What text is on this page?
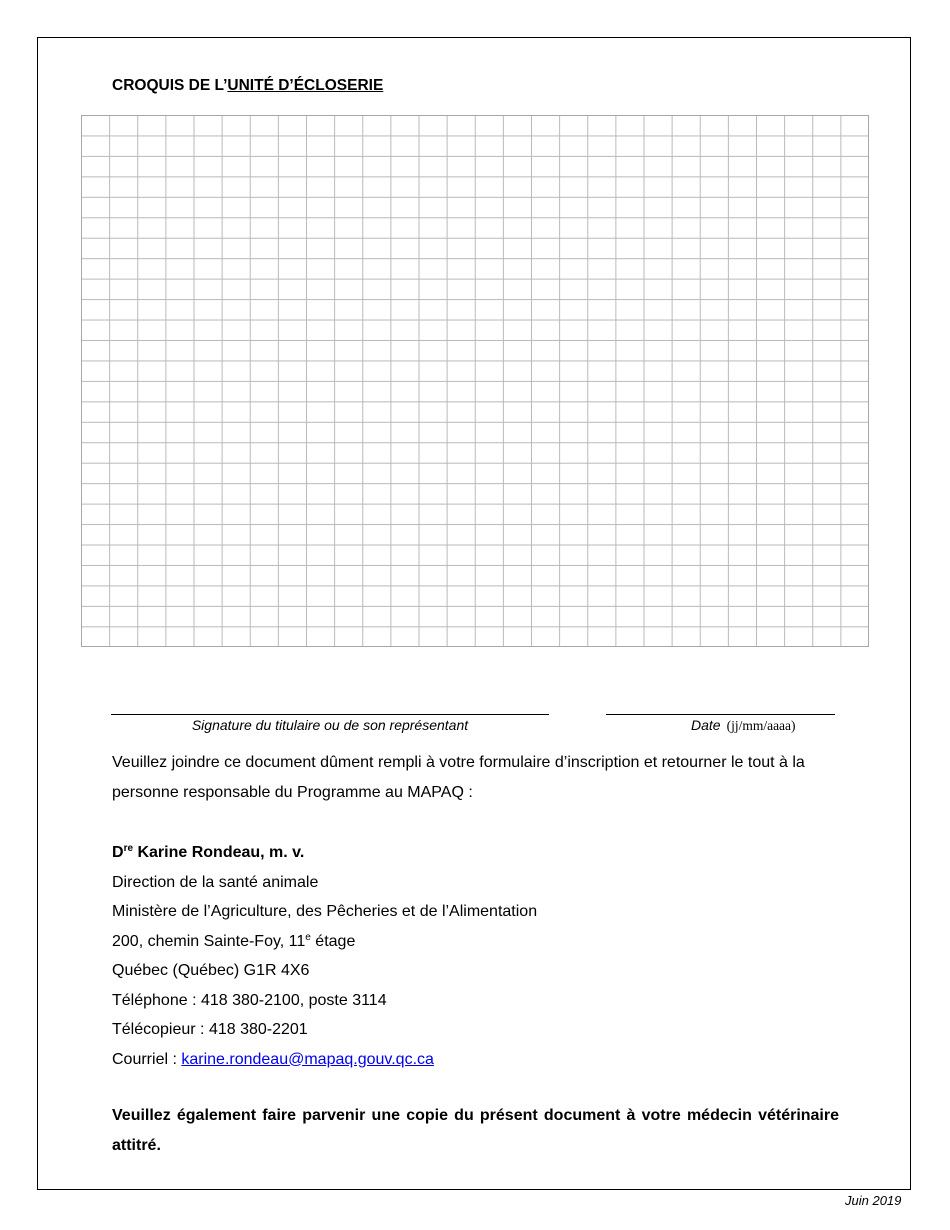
CROQUIS DE L’UNITÉ D’ÉCLOSERIE
Signature du titulaire ou de son représentant	Date (jj/mm/aaaa)

Veuillez joindre ce document dûment rempli à votre formulaire d’inscription et retourner le tout à la personne responsable du Programme au MAPAQ :

Dre Karine Rondeau, m. v.
Direction de la santé animale
Ministère de l’Agriculture, des Pêcheries et de l’Alimentation
200, chemin Sainte-Foy, 11e étage
Québec (Québec) G1R 4X6
Téléphone : 418 380-2100, poste 3114
Télécopieur : 418 380-2201
Courriel : karine.rondeau@mapaq.gouv.qc.ca

Veuillez également faire parvenir une copie du présent document à votre médecin vétérinaire attitré.

Juin 2019
